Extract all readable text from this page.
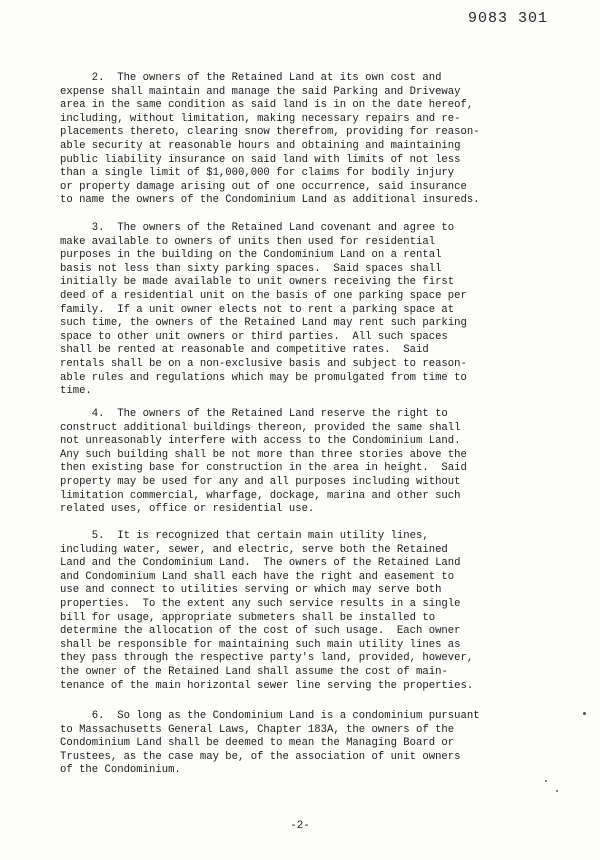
9083 301
2.  The owners of the Retained Land at its own cost and
expense shall maintain and manage the said Parking and Driveway
area in the same condition as said land is in on the date hereof,
including, without limitation, making necessary repairs and re-
placements thereto, clearing snow therefrom, providing for reason-
able security at reasonable hours and obtaining and maintaining
public liability insurance on said land with limits of not less
than a single limit of $1,000,000 for claims for bodily injury
or property damage arising out of one occurrence, said insurance
to name the owners of the Condominium Land as additional insureds.
3.  The owners of the Retained Land covenant and agree to
make available to owners of units then used for residential
purposes in the building on the Condominium Land on a rental
basis not less than sixty parking spaces.  Said spaces shall
initially be made available to unit owners receiving the first
deed of a residential unit on the basis of one parking space per
family.  If a unit owner elects not to rent a parking space at
such time, the owners of the Retained Land may rent such parking
space to other unit owners or third parties.  All such spaces
shall be rented at reasonable and competitive rates.  Said
rentals shall be on a non-exclusive basis and subject to reason-
able rules and regulations which may be promulgated from time to
time.
4.  The owners of the Retained Land reserve the right to
construct additional buildings thereon, provided the same shall
not unreasonably interfere with access to the Condominium Land.
Any such building shall be not more than three stories above the
then existing base for construction in the area in height.  Said
property may be used for any and all purposes including without
limitation commercial, wharfage, dockage, marina and other such
related uses, office or residential use.
5.  It is recognized that certain main utility lines,
including water, sewer, and electric, serve both the Retained
Land and the Condominium Land.  The owners of the Retained Land
and Condominium Land shall each have the right and easement to
use and connect to utilities serving or which may serve both
properties.  To the extent any such service results in a single
bill for usage, appropriate submeters shall be installed to
determine the allocation of the cost of such usage.  Each owner
shall be responsible for maintaining such main utility lines as
they pass through the respective party's land, provided, however,
the owner of the Retained Land shall assume the cost of main-
tenance of the main horizontal sewer line serving the properties.
6.  So long as the Condominium Land is a condominium pursuant
to Massachusetts General Laws, Chapter 183A, the owners of the
Condominium Land shall be deemed to mean the Managing Board or
Trustees, as the case may be, of the association of unit owners
of the Condominium.
-2-
